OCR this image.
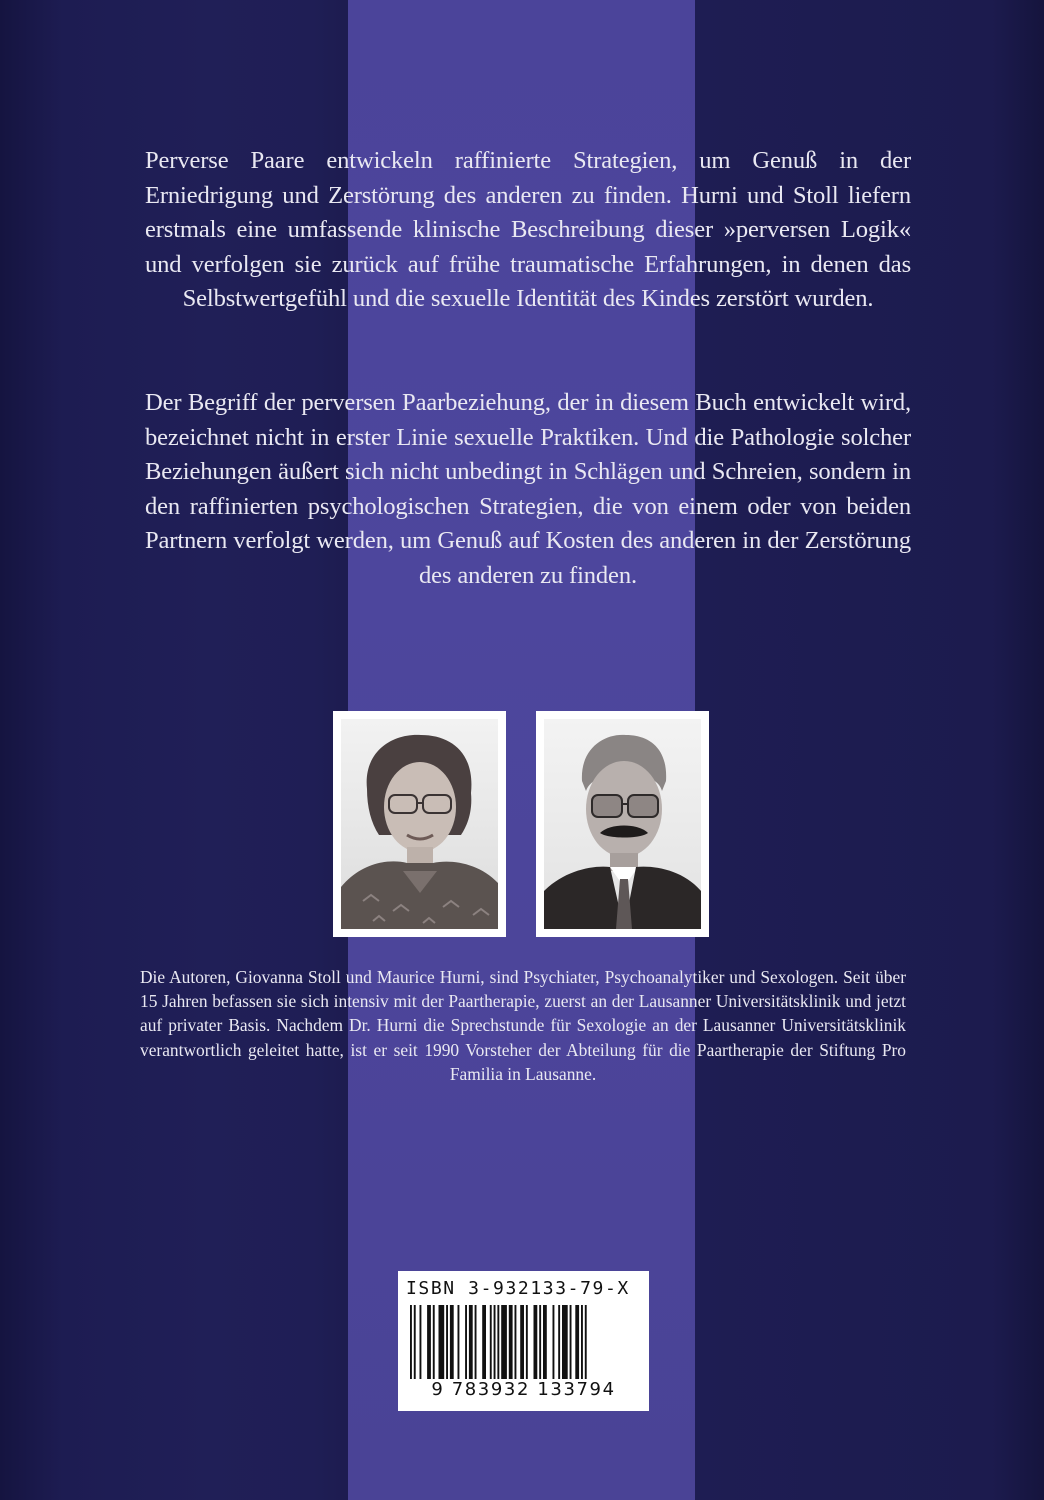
Perverse Paare entwickeln raffinierte Strategien, um Genuß in der Erniedrigung und Zerstörung des anderen zu finden. Hurni und Stoll liefern erstmals eine umfassende klinische Beschreibung dieser »perversen Logik« und verfolgen sie zurück auf frühe traumatische Erfahrungen, in denen das Selbstwertgefühl und die sexuelle Identität des Kindes zerstört wurden.

Der Begriff der perversen Paarbeziehung, der in diesem Buch entwickelt wird, bezeichnet nicht in erster Linie sexuelle Praktiken. Und die Pathologie solcher Beziehungen äußert sich nicht unbedingt in Schlägen und Schreien, sondern in den raffinierten psychologischen Strategien, die von einem oder von beiden Partnern verfolgt werden, um Genuß auf Kosten des anderen in der Zerstörung des anderen zu finden.

Die Autoren, Giovanna Stoll und Maurice Hurni, sind Psychiater, Psychoanalytiker und Sexologen. Seit über 15 Jahren befassen sie sich intensiv mit der Paartherapie, zuerst an der Lausanner Universitätsklinik und jetzt auf privater Basis. Nachdem Dr. Hurni die Sprechstunde für Sexologie an der Lausanner Universitätsklinik verantwortlich geleitet hatte, ist er seit 1990 Vorsteher der Abteilung für die Paartherapie der Stiftung Pro Familia in Lausanne.

ISBN 3-932133-79-X
9 783932 133794
